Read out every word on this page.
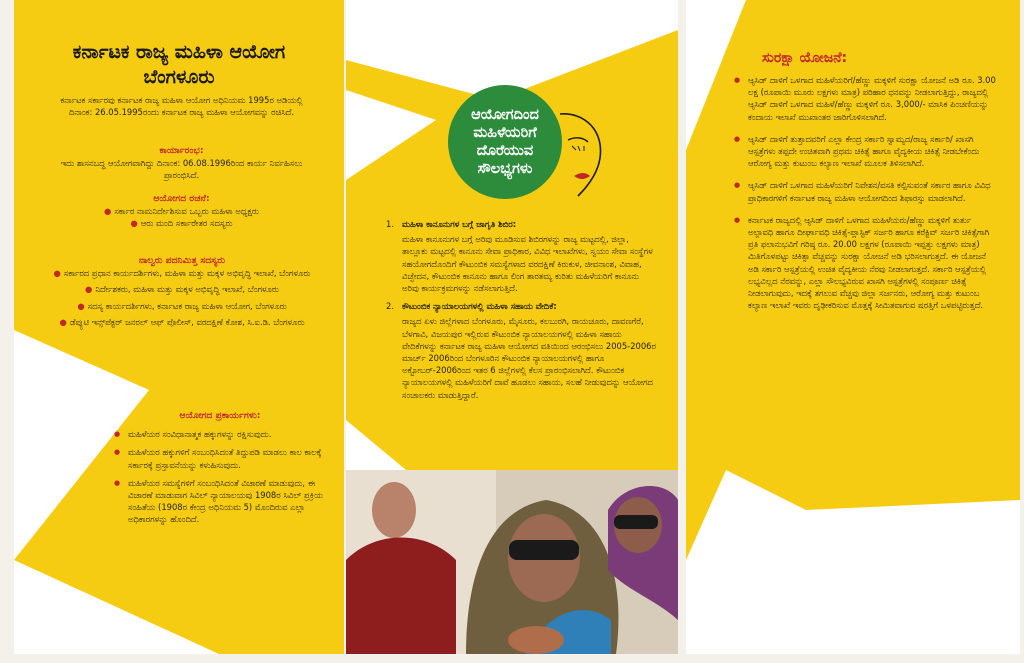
ಕರ್ನಾಟಕ ರಾಜ್ಯ ಮಹಿಳಾ ಆಯೋಗ
ಬೆಂಗಳೂರು
ಕರ್ನಾಟಕ ಸರ್ಕಾರವು ಕರ್ನಾಟಕ ರಾಜ್ಯ ಮಹಿಳಾ ಆಯೋಗ ಅಧಿನಿಯಮ 1995ರ ಅಡಿಯಲ್ಲಿ ದಿನಾಂಕ: 26.05.1995ರಂದು ಕರ್ನಾಟಕ ರಾಜ್ಯ ಮಹಿಳಾ ಆಯೋಗವನ್ನು ರಚಿಸಿದೆ.
ಕಾರ್ಯಾರಂಭ:
ಇದು ಶಾಸನಬದ್ಧ ಆಯೋಗವಾಗಿದ್ದು ದಿನಾಂಕ: 06.08.1996ರಿಂದ ಕಾರ್ಯ ನಿರ್ವಹಿಸಲು ಪ್ರಾರಂಭಿಸಿದೆ.
ಆಯೋಗದ ರಚನೆ:
● ಸರ್ಕಾರ ನಾಮನಿರ್ದೇಶಿಸುವ ಒಬ್ಬರು ಮಹಿಳಾ ಅಧ್ಯಕ್ಷರು
● ಆರು ಮಂದಿ ಸರ್ಕಾರೇತರ ಸದಸ್ಯರು
ನಾಲ್ವರು ಪದನಿಮಿತ್ತ ಸದಸ್ಯರು
● ಸರ್ಕಾರದ ಪ್ರಧಾನ ಕಾರ್ಯದರ್ಶಿಗಳು, ಮಹಿಳಾ ಮತ್ತು ಮಕ್ಕಳ ಅಭಿವೃದ್ಧಿ ಇಲಾಖೆ, ಬೆಂಗಳೂರು
● ನಿರ್ದೇಶಕರು, ಮಹಿಳಾ ಮತ್ತು ಮಕ್ಕಳ ಅಭಿವೃದ್ಧಿ ಇಲಾಖೆ, ಬೆಂಗಳೂರು
● ಸದಸ್ಯ ಕಾರ್ಯದರ್ಶಿಗಳು, ಕರ್ನಾಟಕ ರಾಜ್ಯ ಮಹಿಳಾ ಆಯೋಗ, ಬೆಂಗಳೂರು
● ಡೆಪ್ಯುಟಿ ಇನ್ಸ್‌ಪೆಕ್ಟರ್ ಜನರಲ್ ಆಫ್ ಪೊಲೀಸ್, ವರದಕ್ಷಿಣೆ ಕೋಶ, ಸಿ.ಐ.ಡಿ. ಬೆಂಗಳೂರು
ಆಯೋಗದ ಪ್ರಕಾರ್ಯಗಳು:
● ಮಹಿಳೆಯರ ಸಂವಿಧಾನಾತ್ಮಕ ಹಕ್ಕುಗಳನ್ನು ರಕ್ಷಿಸುವುದು.
● ಮಹಿಳೆಯರ ಹಕ್ಕುಗಳಿಗೆ ಸಂಬಂಧಿಸಿದಂತೆ ತಿದ್ದುಪಡಿ ಮಾಡಲು ಕಾಲ ಕಾಲಕ್ಕೆ ಸರ್ಕಾರಕ್ಕೆ ಪ್ರಸ್ತಾವನೆಯನ್ನು ಕಳುಹಿಸುವುದು.
● ಮಹಿಳೆಯರ ಸಮಸ್ಯೆಗಳಿಗೆ ಸಂಬಂಧಿಸಿದಂತೆ ವಿಚಾರಣೆ ಮಾಡುವುದು, ಈ ವಿಚಾರಣೆ ಮಾಡುವಾಗ ಸಿವಿಲ್ ನ್ಯಾಯಾಲಯವು 1908ರ ಸಿವಿಲ್ ಪ್ರಕ್ರಿಯ ಸಂಹಿತೆಯ (1908ರ ಕೇಂದ್ರ ಅಧಿನಿಯಮ 5) ಮೊಂದಿರುವ ಎಲ್ಲಾ ಅಧಿಕಾರಗಳನ್ನು ಹೊಂದಿದೆ.
ಆಯೋಗದಿಂದ
ಮಹಿಳೆಯರಿಗೆ
ದೊರೆಯುವ
ಸೌಲಭ್ಯಗಳು
1. ಮಹಿಳಾ ಕಾನೂನುಗಳ ಬಗ್ಗೆ ಜಾಗೃತಿ ಶಿಬಿರ:
ಮಹಿಳಾ ಕಾನೂನುಗಳ ಬಗ್ಗೆ ಅರಿವು ಮೂಡಿಸುವ ಶಿಬಿರಗಳನ್ನು ರಾಜ್ಯ ಮಟ್ಟದಲ್ಲಿ, ಜಿಲ್ಲಾ, ತಾಲ್ಲೂಕು ಮಟ್ಟದಲ್ಲಿ ಕಾನೂನು ಸೇವಾ ಪ್ರಾಧಿಕಾರ, ವಿವಿಧ ಇಲಾಖೆಗಳು, ಸ್ವಯಂ ಸೇವಾ ಸಂಸ್ಥೆಗಳ ಸಹಯೋಗದೊಂದಿಗೆ ಕೌಟುಂಬಿಕ ಸಮಸ್ಯೆಗಳಾದ ವರದಕ್ಷಿಣೆ ಕಿರುಕುಳ, ಜೀವನಾಂಶ, ವಿವಾಹ, ವಿಚ್ಛೇದನ, ಕೌಟುಂಬಿಕ ಕಾನೂನು ಹಾಗೂ ಲಿಂಗ ತಾರತಮ್ಯ ಕುರಿತು ಮಹಿಳೆಯರಿಗೆ ಕಾನೂನು ಅರಿವು ಕಾರ್ಯಕ್ರಮಗಳನ್ನು ನಡೆಸಲಾಗುತ್ತಿದೆ.
2. ಕೌಟುಂಬಿಕ ನ್ಯಾಯಾಲಯಗಳಲ್ಲಿ ಮಹಿಳಾ ಸಹಾಯ ವೇದಿಕೆ:
ರಾಜ್ಯದ ಏಳು ಜಿಲ್ಲೆಗಳಾದ ಬೆಂಗಳೂರು, ಮೈಸೂರು, ಕಲಬುರಗಿ, ರಾಯಚೂರು, ದಾವಣಗೆರೆ, ಬೆಳಗಾವಿ, ವಿಜಯಪುರ ಇಲ್ಲಿರುವ ಕೌಟುಂಬಿಕ ನ್ಯಾಯಾಲಯಗಳಲ್ಲಿ ಮಹಿಳಾ ಸಹಾಯ ವೇದಿಕೆಗಳನ್ನು ಕರ್ನಾಟಕ ರಾಜ್ಯ ಮಹಿಳಾ ಆಯೋಗದ ವತಿಯಿಂದ ಆರಂಭಿಸಲು 2005-2006ರ ಮಾರ್ಚ್ 2006ರಿಂದ ಬೆಂಗಳೂರಿನ ಕೌಟುಂಬಿಕ ನ್ಯಾಯಾಲಯಗಳಲ್ಲಿ ಹಾಗೂ ಅಕ್ಟೋಬರ್-2006ರಿಂದ ಇತರ 6 ಜಿಲ್ಲೆಗಳಲ್ಲಿ ಕೆಲಸ ಪ್ರಾರಂಭಿಸಲಾಗಿದೆ. ಕೌಟುಂಬಿಕ ನ್ಯಾಯಾಲಯಗಳಲ್ಲಿ ಮಹಿಳೆಯರಿಗೆ ದಾವೆ ಹೂಡಲು ಸಹಾಯ, ಸಲಹೆ ನೀಡುವುದನ್ನು ಆಯೋಗದ ಸಂಚಾಲಕರು ಮಾಡುತ್ತಿದ್ದಾರೆ.
ಸುರಕ್ಷಾ ಯೋಜನೆ:
● ಆ್ಯಸಿಡ್ ದಾಳಿಗೆ ಒಳಗಾದ ಮಹಿಳೆಯರಿಗೆ/ಹೆಣ್ಣು ಮಕ್ಕಳಿಗೆ ಸುರಕ್ಷಾ ಯೋಜನೆ ಅಡಿ ರೂ. 3.00 ಲಕ್ಷ (ರೂಪಾಯಿ ಮೂರು ಲಕ್ಷಗಳು ಮಾತ್ರ) ಪರಿಹಾರ ಧನವನ್ನು ನೀಡಲಾಗುತ್ತಿದ್ದು, ರಾಜ್ಯದಲ್ಲಿ ಆ್ಯಸಿಡ್ ದಾಳಿಗೆ ಒಳಗಾದ ಮಹಿಳೆ/ಹೆಣ್ಣು ಮಕ್ಕಳಿಗೆ ರೂ. 3,000/- ಮಾಸಿಕ ಪಿಂಚಣಿಯನ್ನು ಕಂದಾಯ ಇಲಾಖೆ ಮುಖಾಂತರ ಜಾರಿಗೊಳಿಸಲಾಗಿದೆ.
● ಆ್ಯಸಿಡ್ ದಾಳಿಗೆ ತುತ್ತಾದವರಿಗೆ ಎಲ್ಲಾ ಕೇಂದ್ರ ಸರ್ಕಾರಿ ಸ್ವಾಮ್ಯದ/ರಾಜ್ಯ ಸರ್ಕಾರಿ/ ಖಾಸಗಿ ಆಸ್ಪತ್ರೆಗಳು ತಪ್ಪದೇ ಉಚಿತವಾಗಿ ಪ್ರಥಮ ಚಿಕಿತ್ಸೆ ಹಾಗೂ ವೈದ್ಯಕೀಯ ಚಿಕಿತ್ಸೆ ನೀಡಬೇಕೆಂದು ಆರೋಗ್ಯ ಮತ್ತು ಕುಟುಂಬ ಕಲ್ಯಾಣ ಇಲಾಖೆ ಮೂಲಕ ತಿಳಿಸಲಾಗಿದೆ.
● ಆ್ಯಸಿಡ್ ದಾಳಿಗೆ ಒಳಗಾದ ಮಹಿಳೆಯರಿಗೆ ನಿವೇಶನ/ವಸತಿ ಕಲ್ಪಿಸುವಂತೆ ಸರ್ಕಾರ ಹಾಗೂ ವಿವಿಧ ಪ್ರಾಧಿಕಾರಗಳಿಗೆ ಕರ್ನಾಟಕ ರಾಜ್ಯ ಮಹಿಳಾ ಆಯೋಗದಿಂದ ಶಿಫಾರಸ್ಸು ಮಾಡಲಾಗಿದೆ.
● ಕರ್ನಾಟಕ ರಾಜ್ಯದಲ್ಲಿ ಆ್ಯಸಿಡ್ ದಾಳಿಗೆ ಒಳಗಾದ ಮಹಿಳೆಯರು/ಹೆಣ್ಣು ಮಕ್ಕಳಿಗೆ ತುರ್ತು ಅಲ್ಪಾವಧಿ ಹಾಗೂ ದೀರ್ಘಾವಧಿ ಚಿಕಿತ್ಸೆ-ಪ್ಲಾಸ್ಟಿಕ್ ಸರ್ಜರಿ ಹಾಗೂ ಕರೆಕ್ಟಿವ್ ಸರ್ಜರಿ ಚಿಕಿತ್ಸೆಗಾಗಿ ಪ್ರತಿ ಫಲಾನುಭವಿಗೆ ಗರಿಷ್ಠ ರೂ. 20.00 ಲಕ್ಷಗಳ (ರೂಪಾಯಿ ಇಪ್ಪತ್ತು ಲಕ್ಷಗಳು ಮಾತ್ರ) ಮಿತಿಗೊಳಪಟ್ಟು ಚಿಕಿತ್ಸಾ ವೆಚ್ಚವನ್ನು ಸುರಕ್ಷಾ ಯೋಜನೆ ಅಡಿ ಭರಿಸಲಾಗುತ್ತದೆ. ಈ ಯೋಜನೆ ಅಡಿ ಸರ್ಕಾರಿ ಆಸ್ಪತ್ರೆಯಲ್ಲಿ ಉಚಿತ ವೈದ್ಯಕೀಯ ನೆರವು ನೀಡಲಾಗುತ್ತದೆ. ಸರ್ಕಾರಿ ಆಸ್ಪತ್ರೆಯಲ್ಲಿ ಲಭ್ಯವಿಲ್ಲದ ನೆರವನ್ನು, ಎಲ್ಲಾ ಸೌಲಭ್ಯವಿರುವ ಖಾಸಗಿ ಆಸ್ಪತ್ರೆಗಳಲ್ಲಿ ಸಂಪೂರ್ಣ ಚಿಕಿತ್ಸೆ ನೀಡಲಾಗುವುದು, ಇದಕ್ಕೆ ತಗಲುವ ವೆಚ್ಚವು ಜಿಲ್ಲಾ ಸರ್ಜನರು, ಆರೋಗ್ಯ ಮತ್ತು ಕುಟುಂಬ ಕಲ್ಯಾಣ ಇಲಾಖೆ ಇವರು ದೃಢೀಕರಿಸುವ ಮೊತ್ತಕ್ಕೆ ಸೀಮಿತವಾಗುವ ಷರತ್ತಿಗೆ ಒಳಪಟ್ಟಿರುತ್ತದೆ.
